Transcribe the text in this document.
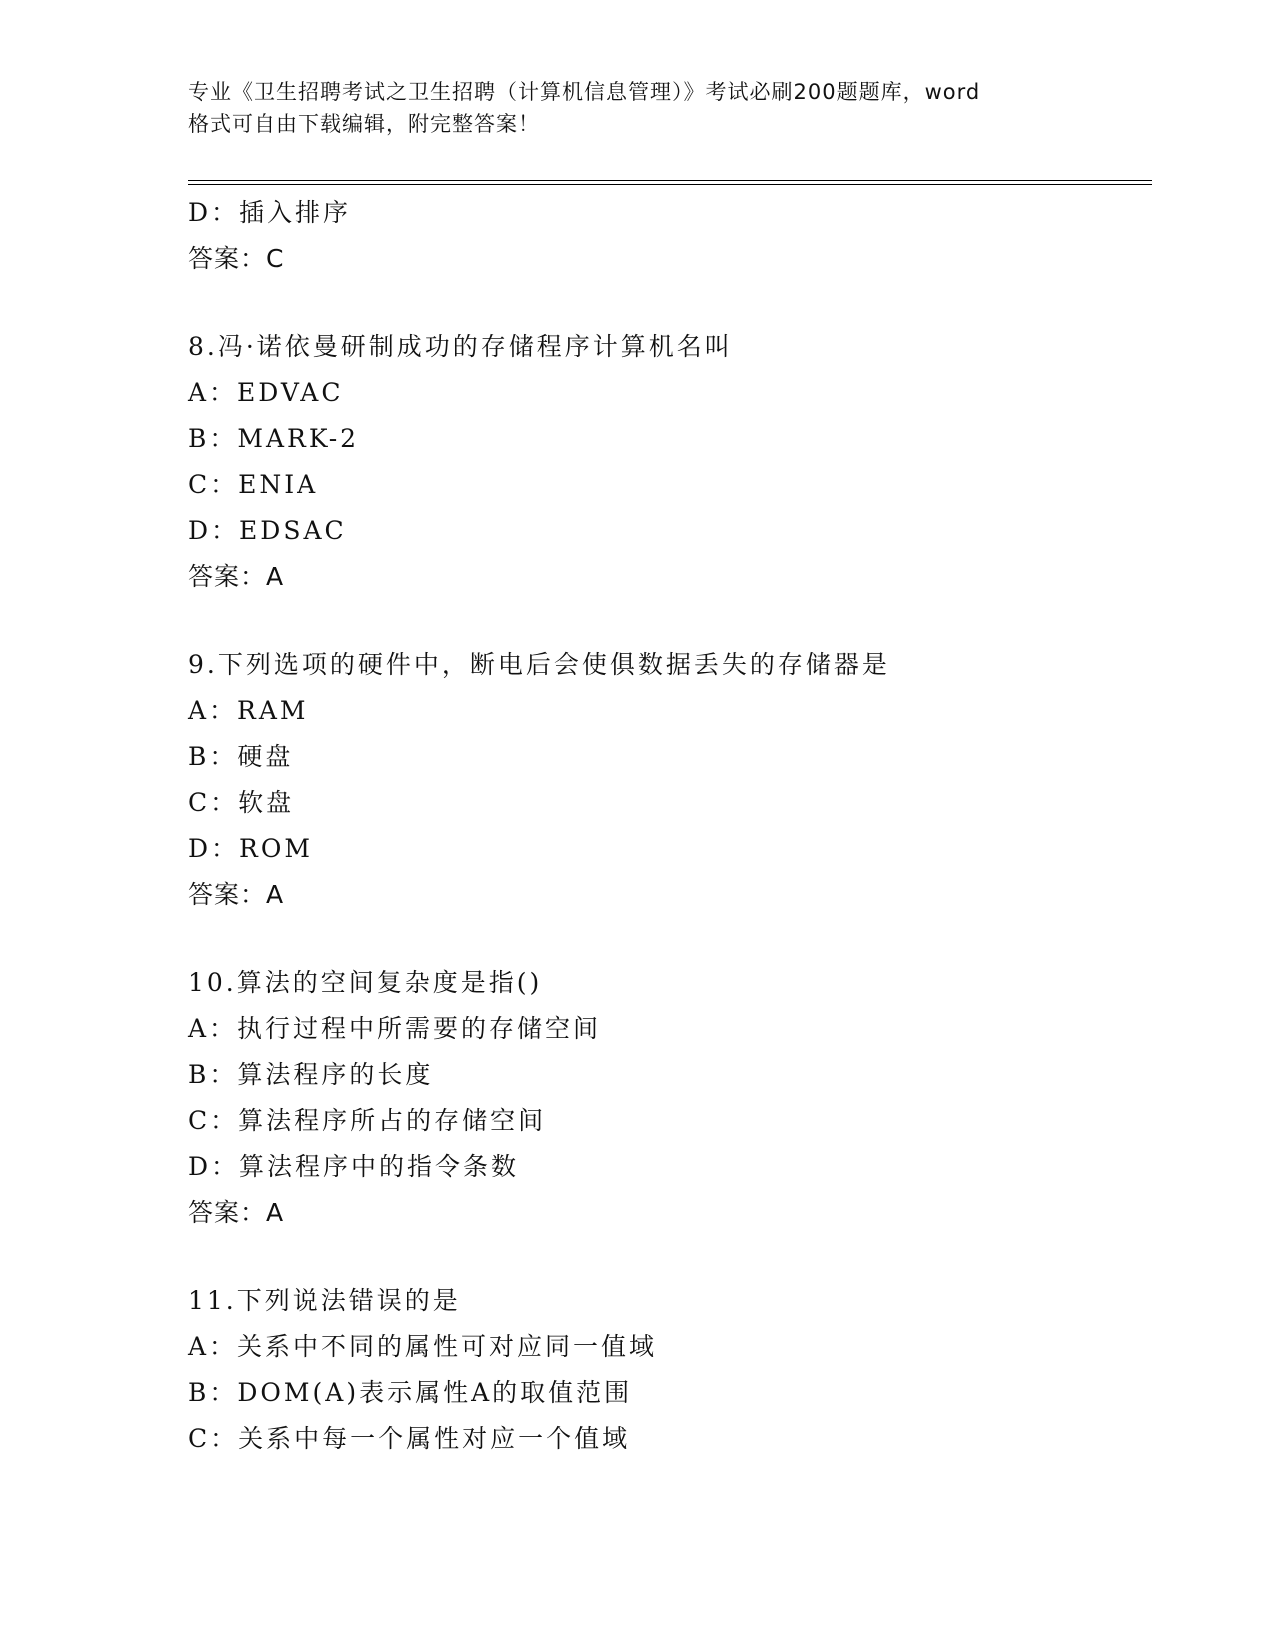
专业《卫生招聘考试之卫生招聘（计算机信息管理）》考试必刷200题题库，word
格式可自由下载编辑，附完整答案！
D：插入排序
答案：C
8.冯·诺依曼研制成功的存储程序计算机名叫
A：EDVAC
B：MARK-2
C：ENIA
D：EDSAC
答案：A
9.下列选项的硬件中，断电后会使俱数据丢失的存储器是
A：RAM
B：硬盘
C：软盘
D：ROM
答案：A
10.算法的空间复杂度是指()
A：执行过程中所需要的存储空间
B：算法程序的长度
C：算法程序所占的存储空间
D：算法程序中的指令条数
答案：A
11.下列说法错误的是
A：关系中不同的属性可对应同一值域
B：DOM(A)表示属性A的取值范围
C：关系中每一个属性对应一个值域
